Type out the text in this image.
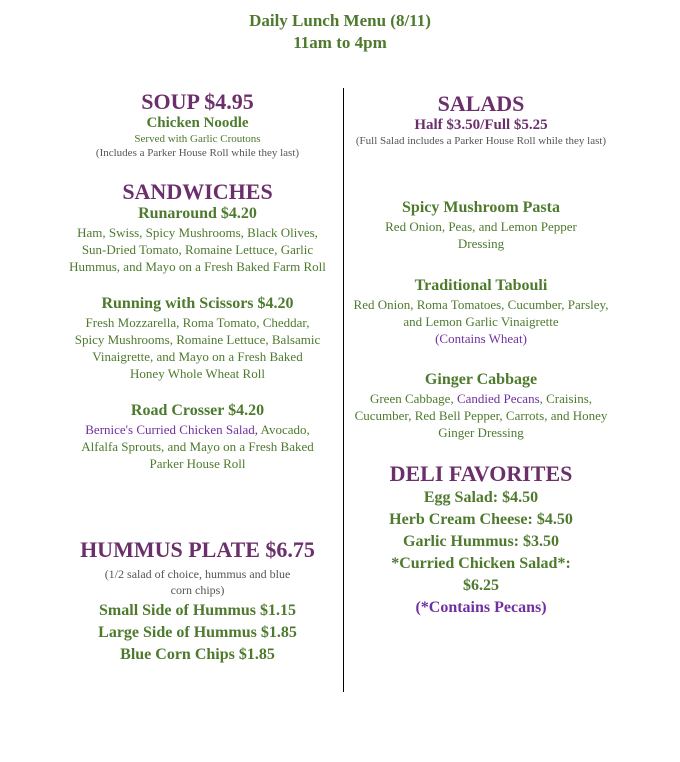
Daily Lunch Menu (8/11)
11am to 4pm
SOUP $4.95
Chicken Noodle
Served with Garlic Croutons
(Includes a Parker House Roll while they last)
SANDWICHES
Runaround $4.20
Ham, Swiss, Spicy Mushrooms, Black Olives, Sun-Dried Tomato, Romaine Lettuce, Garlic Hummus, and Mayo on a Fresh Baked Farm Roll
Running with Scissors $4.20
Fresh Mozzarella, Roma Tomato, Cheddar, Spicy Mushrooms, Romaine Lettuce, Balsamic Vinaigrette, and Mayo on a Fresh Baked Honey Whole Wheat Roll
Road Crosser $4.20
Bernice's Curried Chicken Salad, Avocado, Alfalfa Sprouts, and Mayo on a Fresh Baked Parker House Roll
HUMMUS PLATE $6.75
(1/2 salad of choice, hummus and blue corn chips)
Small Side of Hummus $1.15
Large Side of Hummus $1.85
Blue Corn Chips $1.85
SALADS
Half $3.50/Full $5.25
(Full Salad includes a Parker House Roll while they last)
Spicy Mushroom Pasta
Red Onion, Peas, and Lemon Pepper Dressing
Traditional Tabouli
Red Onion, Roma Tomatoes, Cucumber, Parsley, and Lemon Garlic Vinaigrette
(Contains Wheat)
Ginger Cabbage
Green Cabbage, Candied Pecans, Craisins, Cucumber, Red Bell Pepper, Carrots, and Honey Ginger Dressing
DELI FAVORITES
Egg Salad: $4.50
Herb Cream Cheese: $4.50
Garlic Hummus: $3.50
*Curried Chicken Salad*:
$6.25
(*Contains Pecans)
